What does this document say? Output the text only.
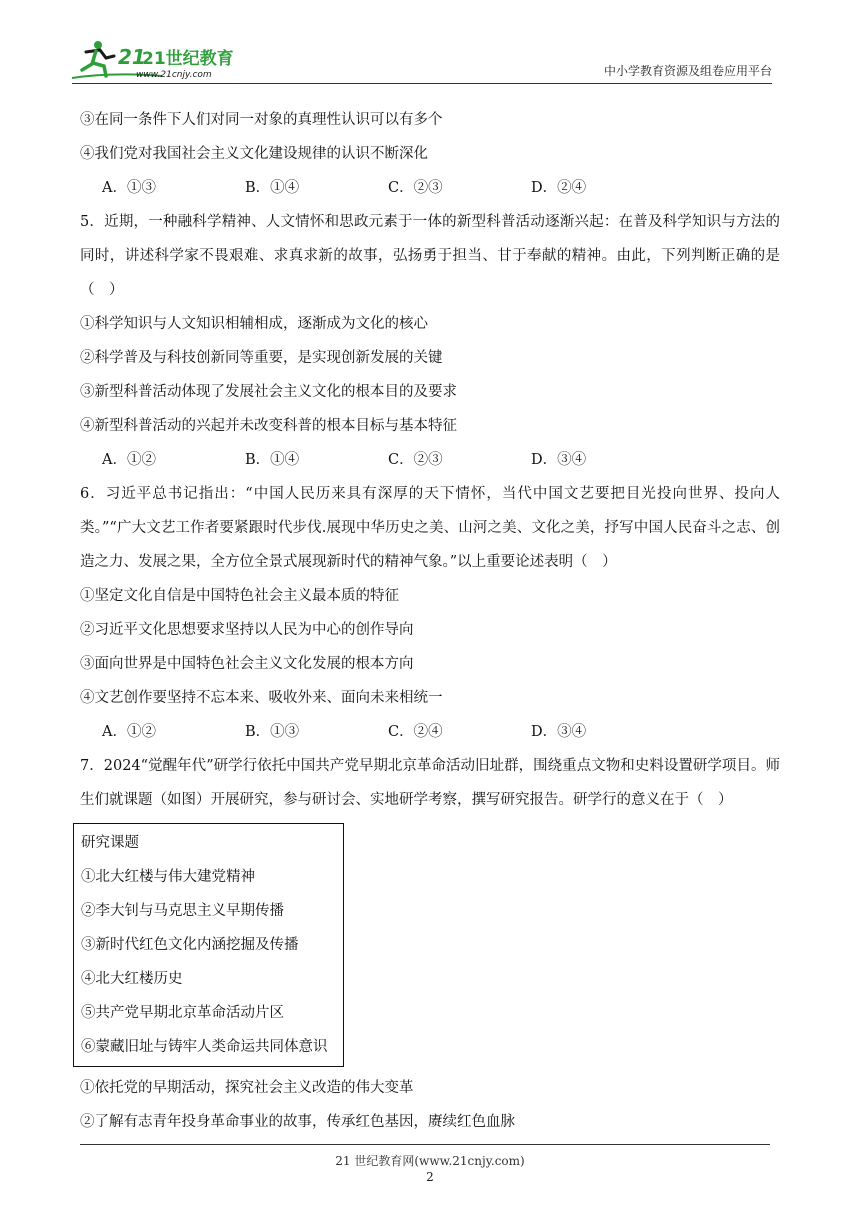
21
21世纪教育
www.21cnjy.com	中小学教育资源及组卷应用平台
③在同一条件下人们对同一对象的真理性认识可以有多个
④我们党对我国社会主义文化建设规律的认识不断深化
A．①③	B．①④	C．②③	D．②④
5．近期，一种融科学精神、人文情怀和思政元素于一体的新型科普活动逐渐兴起：在普及科学知识与方法的同时，讲述科学家不畏艰难、求真求新的故事，弘扬勇于担当、甘于奉献的精神。由此，下列判断正确的是（　）
①科学知识与人文知识相辅相成，逐渐成为文化的核心
②科学普及与科技创新同等重要，是实现创新发展的关键
③新型科普活动体现了发展社会主义文化的根本目的及要求
④新型科普活动的兴起并未改变科普的根本目标与基本特征
A．①②	B．①④	C．②③	D．③④
6．习近平总书记指出：“中国人民历来具有深厚的天下情怀，当代中国文艺要把目光投向世界、投向人类。”“广大文艺工作者要紧跟时代步伐.展现中华历史之美、山河之美、文化之美，抒写中国人民奋斗之志、创造之力、发展之果，全方位全景式展现新时代的精神气象。”以上重要论述表明（　）
①坚定文化自信是中国特色社会主义最本质的特征
②习近平文化思想要求坚持以人民为中心的创作导向
③面向世界是中国特色社会主义文化发展的根本方向
④文艺创作要坚持不忘本来、吸收外来、面向未来相统一
A．①②	B．①③	C．②④	D．③④
7．2024“觉醒年代”研学行依托中国共产党早期北京革命活动旧址群，围绕重点文物和史料设置研学项目。师生们就课题（如图）开展研究，参与研讨会、实地研学考察，撰写研究报告。研学行的意义在于（　）
研究课题
①北大红楼与伟大建党精神
②李大钊与马克思主义早期传播
③新时代红色文化内涵挖掘及传播
④北大红楼历史
⑤共产党早期北京革命活动片区
⑥蒙藏旧址与铸牢人类命运共同体意识
①依托党的早期活动，探究社会主义改造的伟大变革
②了解有志青年投身革命事业的故事，传承红色基因，赓续红色血脉
21 世纪教育网(www.21cnjy.com)
2
